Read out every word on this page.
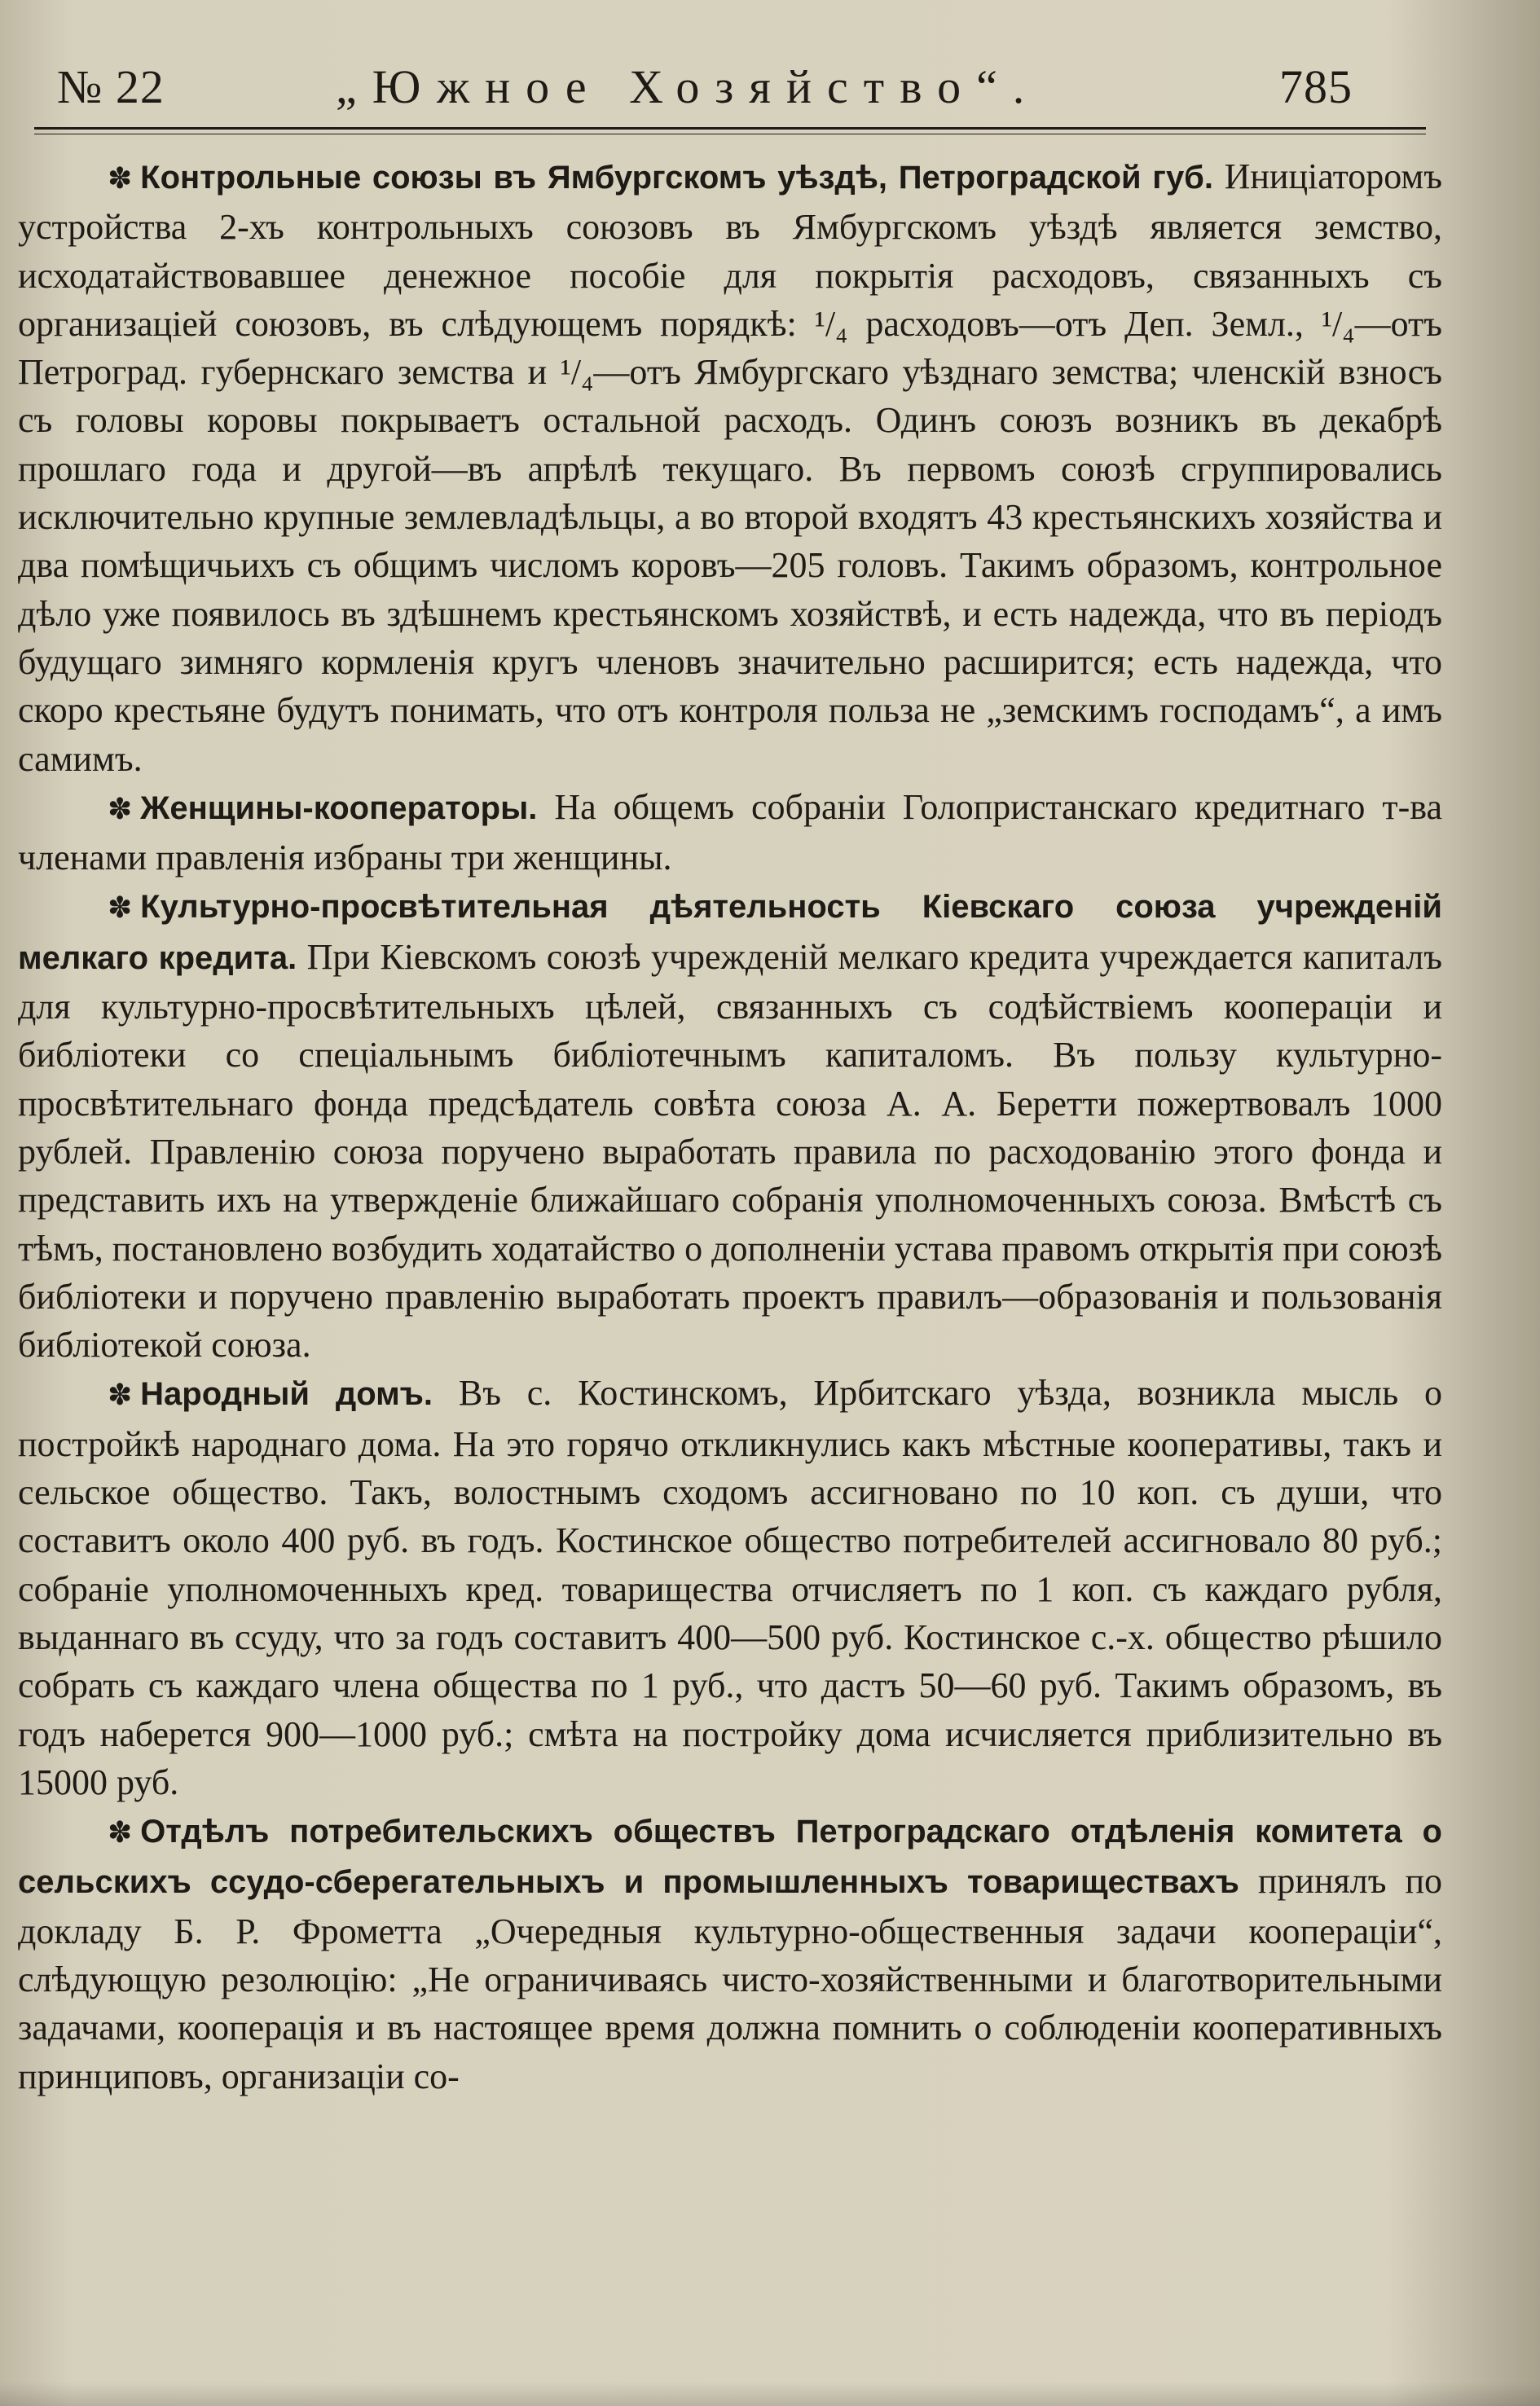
№ 22	„Южное Хозяйство“.	785

✽ Контрольные союзы въ Ямбургскомъ уѣздѣ, Петроградской губ. Иниціаторомъ устройства 2-хъ контрольныхъ союзовъ въ Ямбургскомъ уѣздѣ является земство, исходатайствовавшее денежное пособіе для покрытія расходовъ, связанныхъ съ организаціей союзовъ, въ слѣдующемъ порядкѣ: ¹/₄ расходовъ—отъ Деп. Земл., ¹/₄—отъ Петроград. губернскаго земства и ¹/₄—отъ Ямбургскаго уѣзднаго земства; членскій взносъ съ головы коровы покрываетъ остальной расходъ. Одинъ союзъ возникъ въ декабрѣ прошлаго года и другой—въ апрѣлѣ текущаго. Въ первомъ союзѣ сгруппировались исключительно крупные землевладѣльцы, а во второй входятъ 43 крестьянскихъ хозяйства и два помѣщичьихъ съ общимъ числомъ коровъ—205 головъ. Такимъ образомъ, контрольное дѣло уже появилось въ здѣшнемъ крестьянскомъ хозяйствѣ, и есть надежда, что въ періодъ будущаго зимняго кормленія кругъ членовъ значительно расширится; есть надежда, что скоро крестьяне будутъ понимать, что отъ контроля польза не „земскимъ господамъ“, а имъ самимъ.

✽ Женщины-кооператоры. На общемъ собраніи Голопристанскаго кредитнаго т-ва членами правленія избраны три женщины.

✽ Культурно-просвѣтительная дѣятельность Кіевскаго союза учрежденій мелкаго кредита. При Кіевскомъ союзѣ учрежденій мелкаго кредита учреждается капиталъ для культурно-просвѣтительныхъ цѣлей, связанныхъ съ содѣйствіемъ коопераціи и библіотеки со спеціальнымъ библіотечнымъ капиталомъ. Въ пользу культурно-просвѣтительнаго фонда предсѣдатель совѣта союза А. А. Беретти пожертвовалъ 1000 рублей. Правленію союза поручено выработать правила по расходованію этого фонда и представить ихъ на утвержденіе ближайшаго собранія уполномоченныхъ союза. Вмѣстѣ съ тѣмъ, постановлено возбудить ходатайство о дополненіи устава правомъ открытія при союзѣ библіотеки и поручено правленію выработать проектъ правилъ—образованія и пользованія библіотекой союза.

✽ Народный домъ. Въ с. Костинскомъ, Ирбитскаго уѣзда, возникла мысль о постройкѣ народнаго дома. На это горячо откликнулись какъ мѣстные кооперативы, такъ и сельское общество. Такъ, волостнымъ сходомъ ассигновано по 10 коп. съ души, что составитъ около 400 руб. въ годъ. Костинское общество потребителей ассигновало 80 руб.; собраніе уполномоченныхъ кред. товарищества отчисляетъ по 1 коп. съ каждаго рубля, выданнаго въ ссуду, что за годъ составитъ 400—500 руб. Костинское с.-х. общество рѣшило собрать съ каждаго члена общества по 1 руб., что дастъ 50—60 руб. Такимъ образомъ, въ годъ наберется 900—1000 руб.; смѣта на постройку дома исчисляется приблизительно въ 15000 руб.

✽ Отдѣлъ потребительскихъ обществъ Петроградскаго отдѣленія комитета о сельскихъ ссудо-сберегательныхъ и промышленныхъ товариществахъ принялъ по докладу Б. Р. Фрометта „Очередныя культурно-общественныя задачи коопераціи“, слѣдующую резолюцію: „Не ограничиваясь чисто-хозяйственными и благотворительными задачами, кооперація и въ настоящее время должна помнить о соблюденіи кооперативныхъ принциповъ, организаціи со-
